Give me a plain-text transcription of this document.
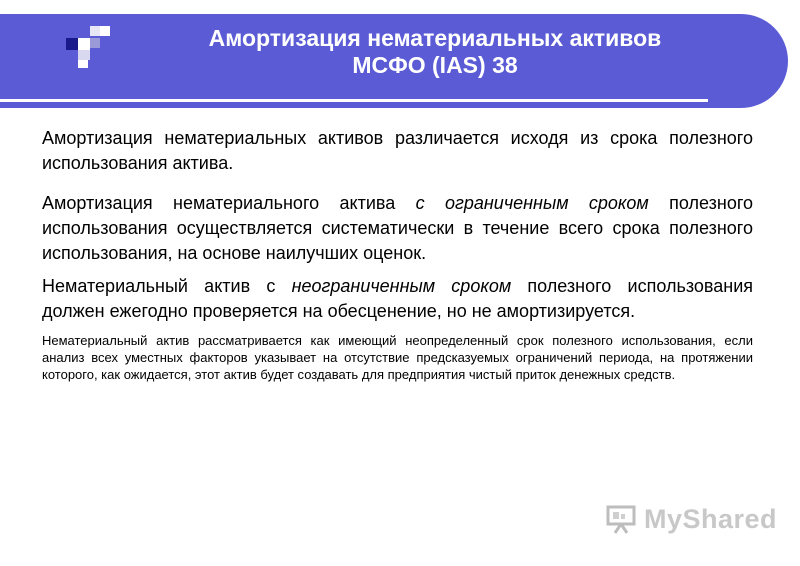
Амортизация нематериальных активов
МСФО (IAS) 38

Амортизация нематериальных активов различается исходя из срока полезного использования актива.

Амортизация нематериального актива с ограниченным сроком полезного использования осуществляется систематически в течение всего срока полезного использования, на основе наилучших оценок.

Нематериальный актив с неограниченным сроком полезного использования должен ежегодно проверяется на обесценение, но не амортизируется.

Нематериальный актив рассматривается как имеющий неопределенный срок полезного использования, если анализ всех уместных факторов указывает на отсутствие предсказуемых ограничений периода, на протяжении которого, как ожидается, этот актив будет создавать для предприятия чистый приток денежных средств.

MyShared
